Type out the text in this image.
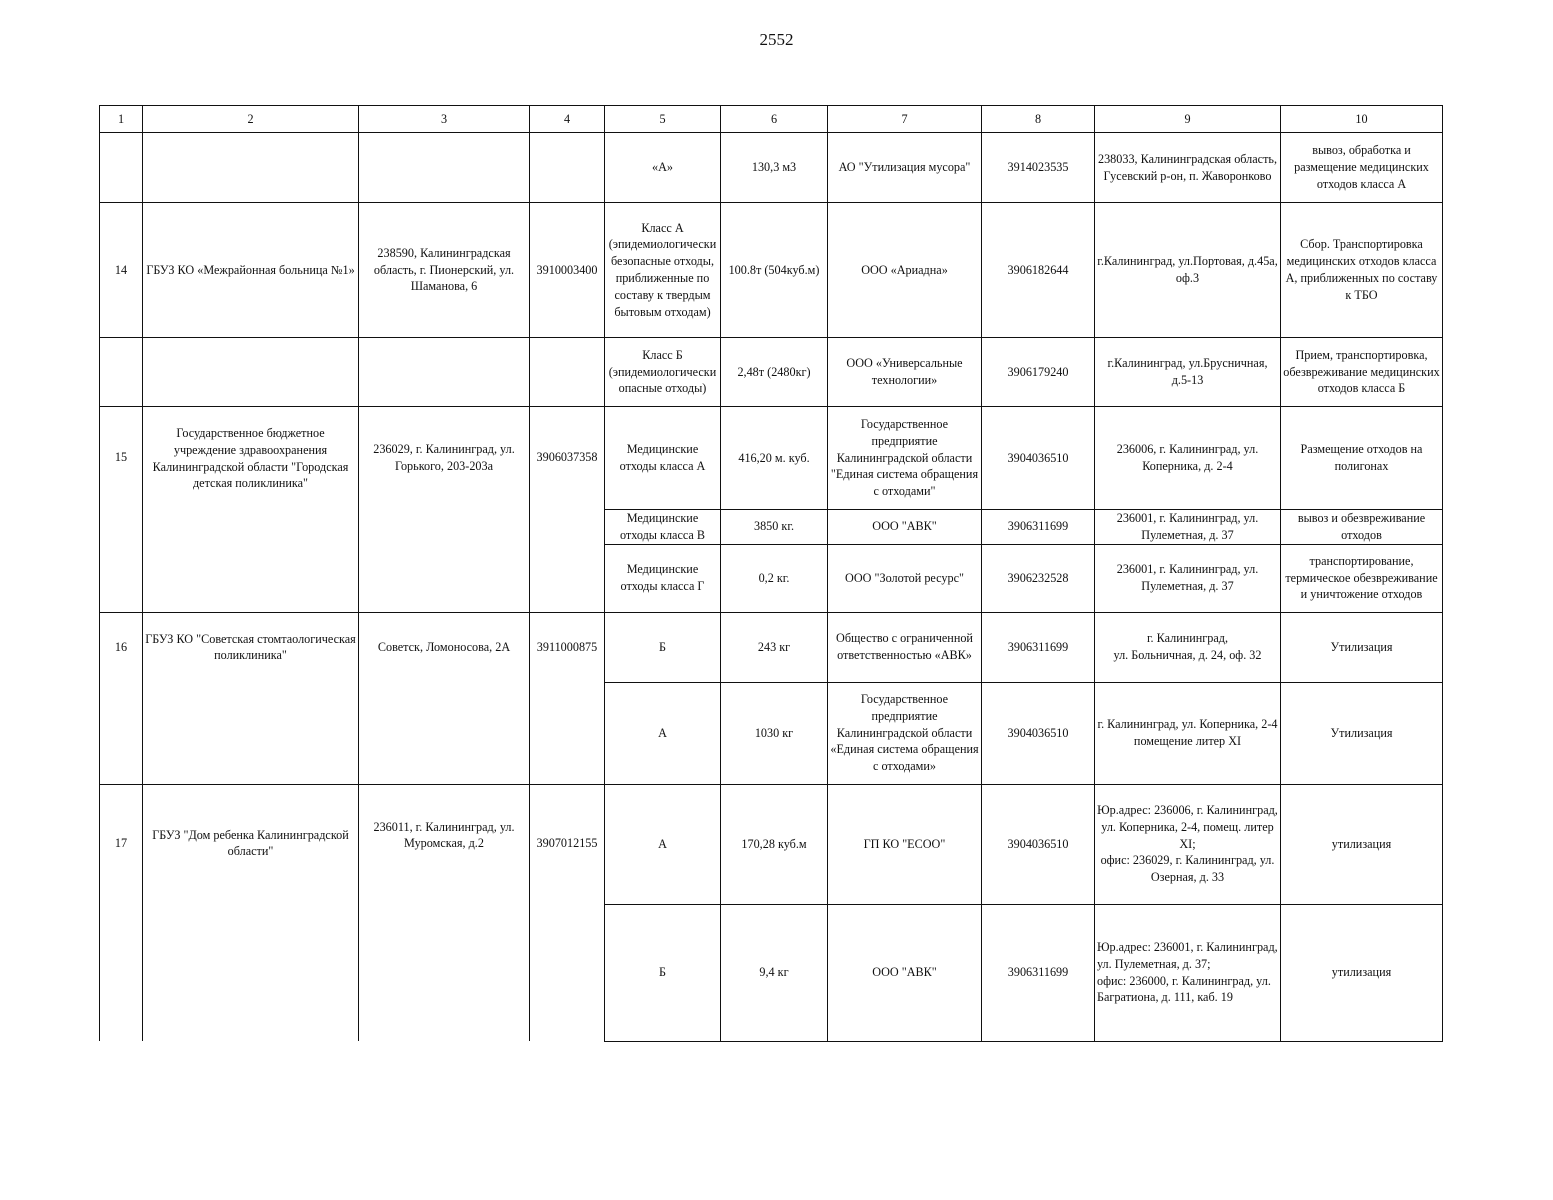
2552
1	2	3	4	5	6	7	8	9	10
				«А»	130,3 м3	АО "Утилизация мусора"	3914023535	238033, Калининградская область, Гусевский р-он, п. Жаворонково	вывоз, обработка и размещение медицинских отходов класса А
14	ГБУЗ КО «Межрайонная больница №1»	238590, Калининградская область, г. Пионерский, ул. Шаманова, 6	3910003400	Класс А (эпидемиологически безопасные отходы, приближенные по составу к твердым бытовым отходам)	100.8т (504куб.м)	ООО «Ариадна»	3906182644	г.Калининград, ул.Портовая, д.45а, оф.3	Сбор. Транспортировка медицинских отходов класса А, приближенных по составу к ТБО
				Класс Б (эпидемиологически опасные отходы)	2,48т (2480кг)	ООО «Универсальные технологии»	3906179240	г.Калининград, ул.Брусничная, д.5-13	Прием, транспортировка, обезвреживание медицинских отходов класса Б
15	Государственное бюджетное учреждение здравоохранения Калининградской области "Городская детская поликлиника"	236029, г. Калининград, ул. Горького, 203-203а	3906037358	Медицинские отходы класса А	416,20 м. куб.	Государственное предприятие Калининградской области "Единая система обращения с отходами"	3904036510	236006, г. Калининград, ул. Коперника, д. 2-4	Размещение отходов на полигонах
				Медицинские отходы класса В	3850 кг.	ООО "АВК"	3906311699	236001, г. Калининград, ул. Пулеметная, д. 37	вывоз и обезвреживание отходов
				Медицинские отходы класса Г	0,2 кг.	ООО "Золотой ресурс"	3906232528	236001, г. Калининград, ул. Пулеметная, д. 37	транспортирование, термическое обезвреживание и уничтожение отходов
16	ГБУЗ КО "Советская стомтаологическая поликлиника"	Советск, Ломоносова, 2А	3911000875	Б	243 кг	Общество с ограниченной ответственностью «АВК»	3906311699	г. Калининград,
ул. Больничная, д. 24, оф. 32	Утилизация
				А	1030 кг	Государственное предприятие Калининградской области «Единая система обращения с отходами»	3904036510	г. Калининград, ул. Коперника, 2-4 помещение литер XI	Утилизация
17	ГБУЗ "Дом ребенка Калининградской области"	236011, г. Калининград, ул. Муромская, д.2	3907012155	А	170,28 куб.м	ГП КО "ЕСОО"	3904036510	Юр.адрес: 236006, г. Калининград, ул. Коперника, 2-4, помещ. литер XI;
офис: 236029, г. Калининград, ул. Озерная, д. 33	утилизация
				Б	9,4 кг	ООО "АВК"	3906311699	Юр.адрес: 236001, г. Калининград, ул. Пулеметная, д. 37;
офис: 236000, г. Калининград, ул. Багратиона, д. 111, каб. 19	утилизация
